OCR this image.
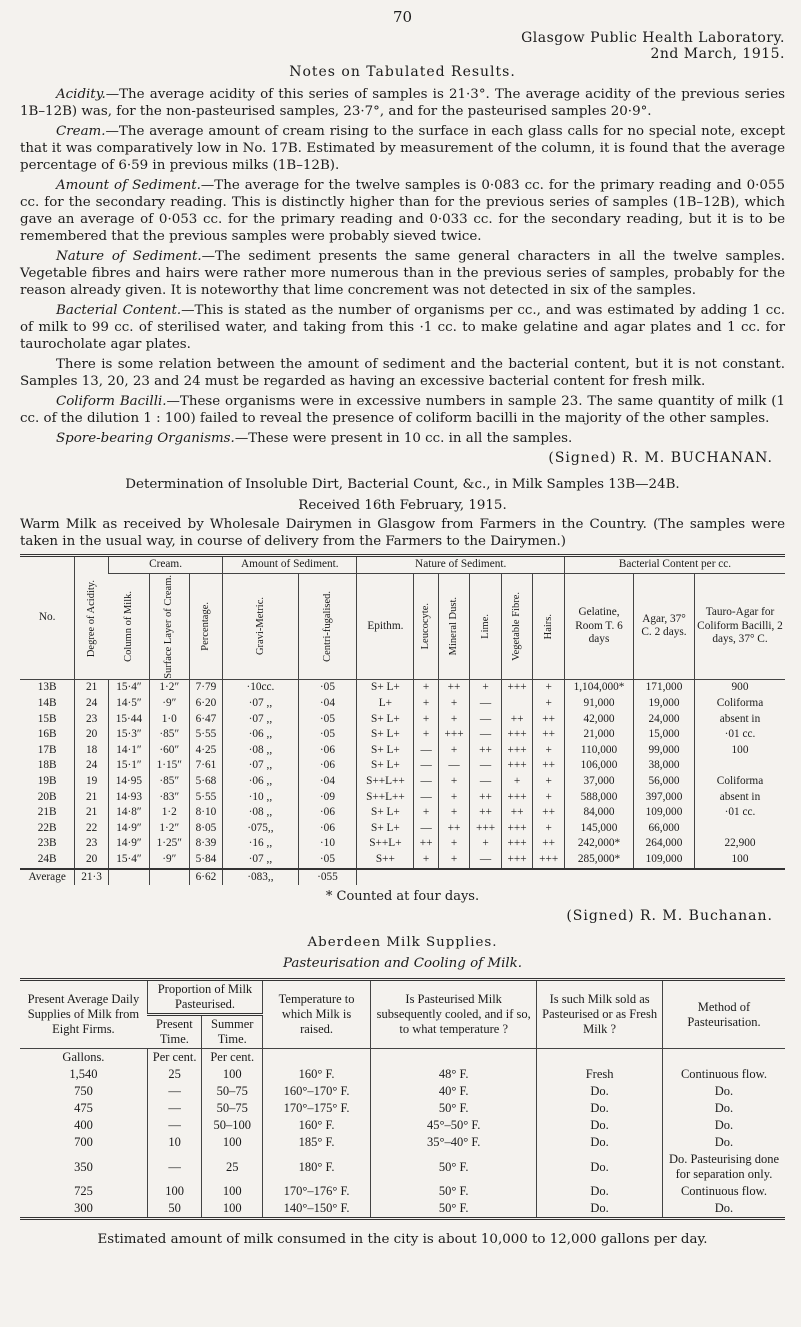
70
Glasgow Public Health Laboratory.
2nd March, 1915.
Notes on Tabulated Results.

Acidity.—The average acidity of this series of samples is 21·3°. The average acidity of the previous series 1B–12B) was, for the non-pasteurised samples, 23·7°, and for the pasteurised samples 20·9°.

Cream.—The average amount of cream rising to the surface in each glass calls for no special note, except that it was comparatively low in No. 17B. Estimated by measurement of the column, it is found that the average percentage of 6·59 in previous milks (1B–12B).

Amount of Sediment.—The average for the twelve samples is 0·083 cc. for the primary reading and 0·055 cc. for the secondary reading. This is distinctly higher than for the previous series of samples (1B–12B), which gave an average of 0·053 cc. for the primary reading and 0·033 cc. for the secondary reading, but it is to be remembered that the previous samples were probably sieved twice.

Nature of Sediment.—The sediment presents the same general characters in all the twelve samples. Vegetable fibres and hairs were rather more numerous than in the previous series of samples, probably for the reason already given. It is noteworthy that lime concrement was not detected in six of the samples.

Bacterial Content.—This is stated as the number of organisms per cc., and was estimated by adding 1 cc. of milk to 99 cc. of sterilised water, and taking from this ·1 cc. to make gelatine and agar plates and 1 cc. for taurocholate agar plates.

There is some relation between the amount of sediment and the bacterial content, but it is not constant. Samples 13, 20, 23 and 24 must be regarded as having an excessive bacterial content for fresh milk.

Coliform Bacilli.—These organisms were in excessive numbers in sample 23. The same quantity of milk (1 cc. of the dilution 1 : 100) failed to reveal the presence of coliform bacilli in the majority of the other samples.

Spore-bearing Organisms.—These were present in 10 cc. in all the samples.

(Signed) R. M. BUCHANAN.
Determination of Insoluble Dirt, Bacterial Count, &c., in Milk Samples 13B—24B.
Received 16th February, 1915.

Warm Milk as received by Wholesale Dairymen in Glasgow from Farmers in the Country. (The samples were taken in the usual way, in course of delivery from the Farmers to the Dairymen.)

No.	Degree of Acidity.	Cream.			Amount of Sediment.		Nature of Sediment.						Bacterial Content per cc.		

		Column of Milk.	Surface Layer of Cream.	Percentage.	Gravi-Metric.	Centri-fugalised.	Epithm.	Leucocyte.	Mineral Dust.	Lime.	Vegetable Fibre.	Hairs.	Gelatine, Room T. 6 days	Agar, 37° C. 2 days.	Tauro-Agar for Coliform Bacilli, 2 days, 37° C.
13B	21	15·4″	1·2″	7·79	·10cc.	·05	S+ L+	+	++	+	+++	+	1,104,000*	171,000	900
14B	24	14·5″	·9″	6·20	·07 ,,	·04	L+	+	+	—		+	91,000	19,000	Coliforma
15B	23	15·44	1·0	6·47	·07 ,,	·05	S+ L+	+	+	—	++	++	42,000	24,000	absent in
16B	20	15·3″	·85″	5·55	·06 ,,	·05	S+ L+	+	+++	—	+++	++	21,000	15,000	·01 cc.
17B	18	14·1″	·60″	4·25	·08 ,,	·06	S+ L+	—	+	++	+++	+	110,000	99,000	100
18B	24	15·1″	1·15″	7·61	·07 ,,	·06	S+ L+	—	—	—	+++	++	106,000	38,000	
19B	19	14·95	·85″	5·68	·06 ,,	·04	S++L++	—	+	—	+	+	37,000	56,000	Coliforma
20B	21	14·93	·83″	5·55	·10 ,,	·09	S++L++	—	+	++	+++	+	588,000	397,000	absent in
21B	21	14·8″	1·2	8·10	·08 ,,	·06	S+ L+	+	+	++	++	++	84,000	109,000	·01 cc.
22B	22	14·9″	1·2″	8·05	·075,,	·06	S+ L+	—	++	+++	+++	+	145,000	66,000	
23B	23	14·9″	1·25″	8·39	·16 ,,	·10	S++L+	++	+	+	+++	++	242,000*	264,000	22,900
24B	20	15·4″	·9″	5·84	·07 ,,	·05	S++	+	+	—	+++	+++	285,000*	109,000	100
Average	21·3			6·62	·083,,	·055									
* Counted at four days.
(Signed) R. M. Buchanan.
Aberdeen Milk Supplies.
Pasteurisation and Cooling of Milk.
Present Average Daily Supplies of Milk from Eight Firms.	Proportion of Milk Pasteurised.		Temperature to which Milk is raised.	Is Pasteurised Milk subsequently cooled, and if so, to what temperature ?	Is such Milk sold as Pasteurised or as Fresh Milk ?	Method of Pasteurisation.
	Present Time.	Summer Time.				
Gallons.	Per cent.	Per cent.				
1,540	25	100	160° F.	48° F.	Fresh	Continuous flow.
750	—	50–75	160°–170° F.	40° F.	Do.	Do.
475	—	50–75	170°–175° F.	50° F.	Do.	Do.
400	—	50–100	160° F.	45°–50° F.	Do.	Do.
700	10	100	185° F.	35°–40° F.	Do.	Do.
350	—	25	180° F.	50° F.	Do.	Do. Pasteurising done for separation only.
725	100	100	170°–176° F.	50° F.	Do.	Continuous flow.
300	50	100	140°–150° F.	50° F.	Do.	Do.
Estimated amount of milk consumed in the city is about 10,000 to 12,000 gallons per day.
